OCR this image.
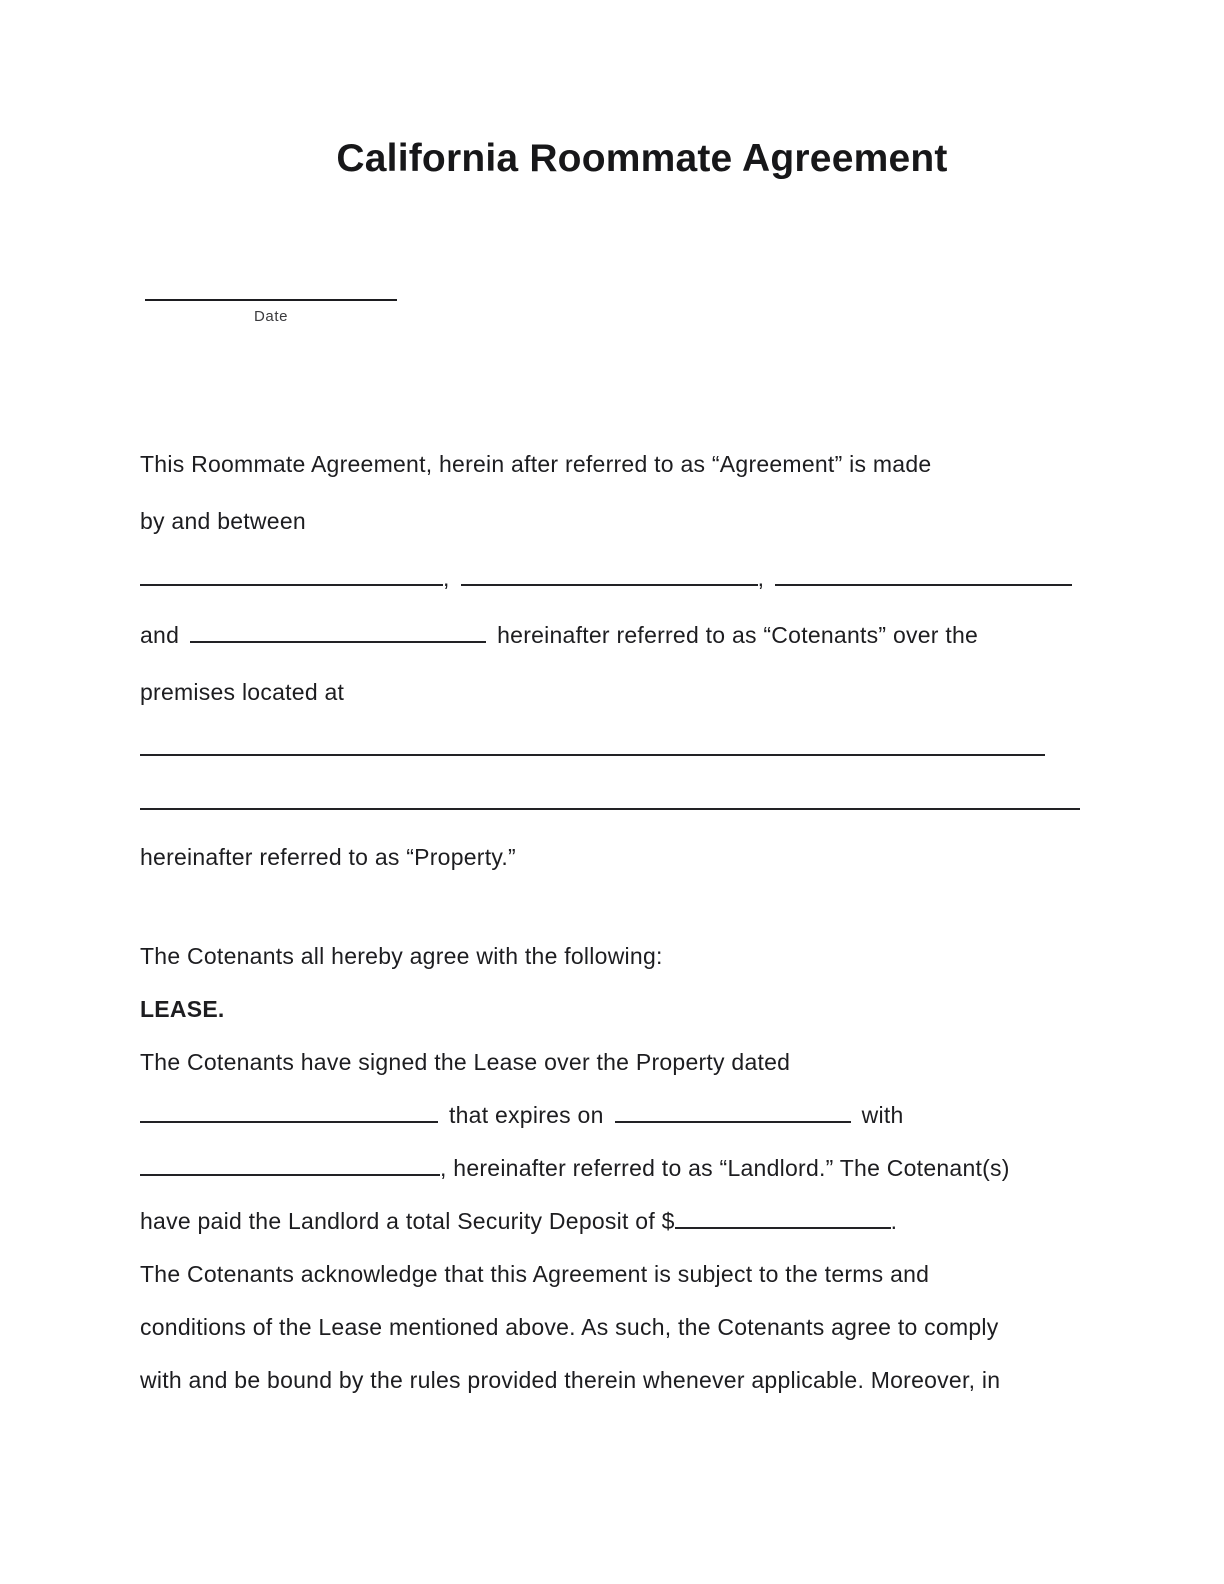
California Roommate Agreement
Date

This Roommate Agreement, herein after referred to as “Agreement” is made

by and between

,	,

and	hereinafter referred to as “Cotenants” over the

premises located at

hereinafter referred to as “Property.”

The Cotenants all hereby agree with the following:

LEASE.

The Cotenants have signed the Lease over the Property dated

that expires on	with

, hereinafter referred to as “Landlord.” The Cotenant(s)

have paid the Landlord a total Security Deposit of $	.

The Cotenants acknowledge that this Agreement is subject to the terms and

conditions of the Lease mentioned above. As such, the Cotenants agree to comply

with and be bound by the rules provided therein whenever applicable. Moreover, in
